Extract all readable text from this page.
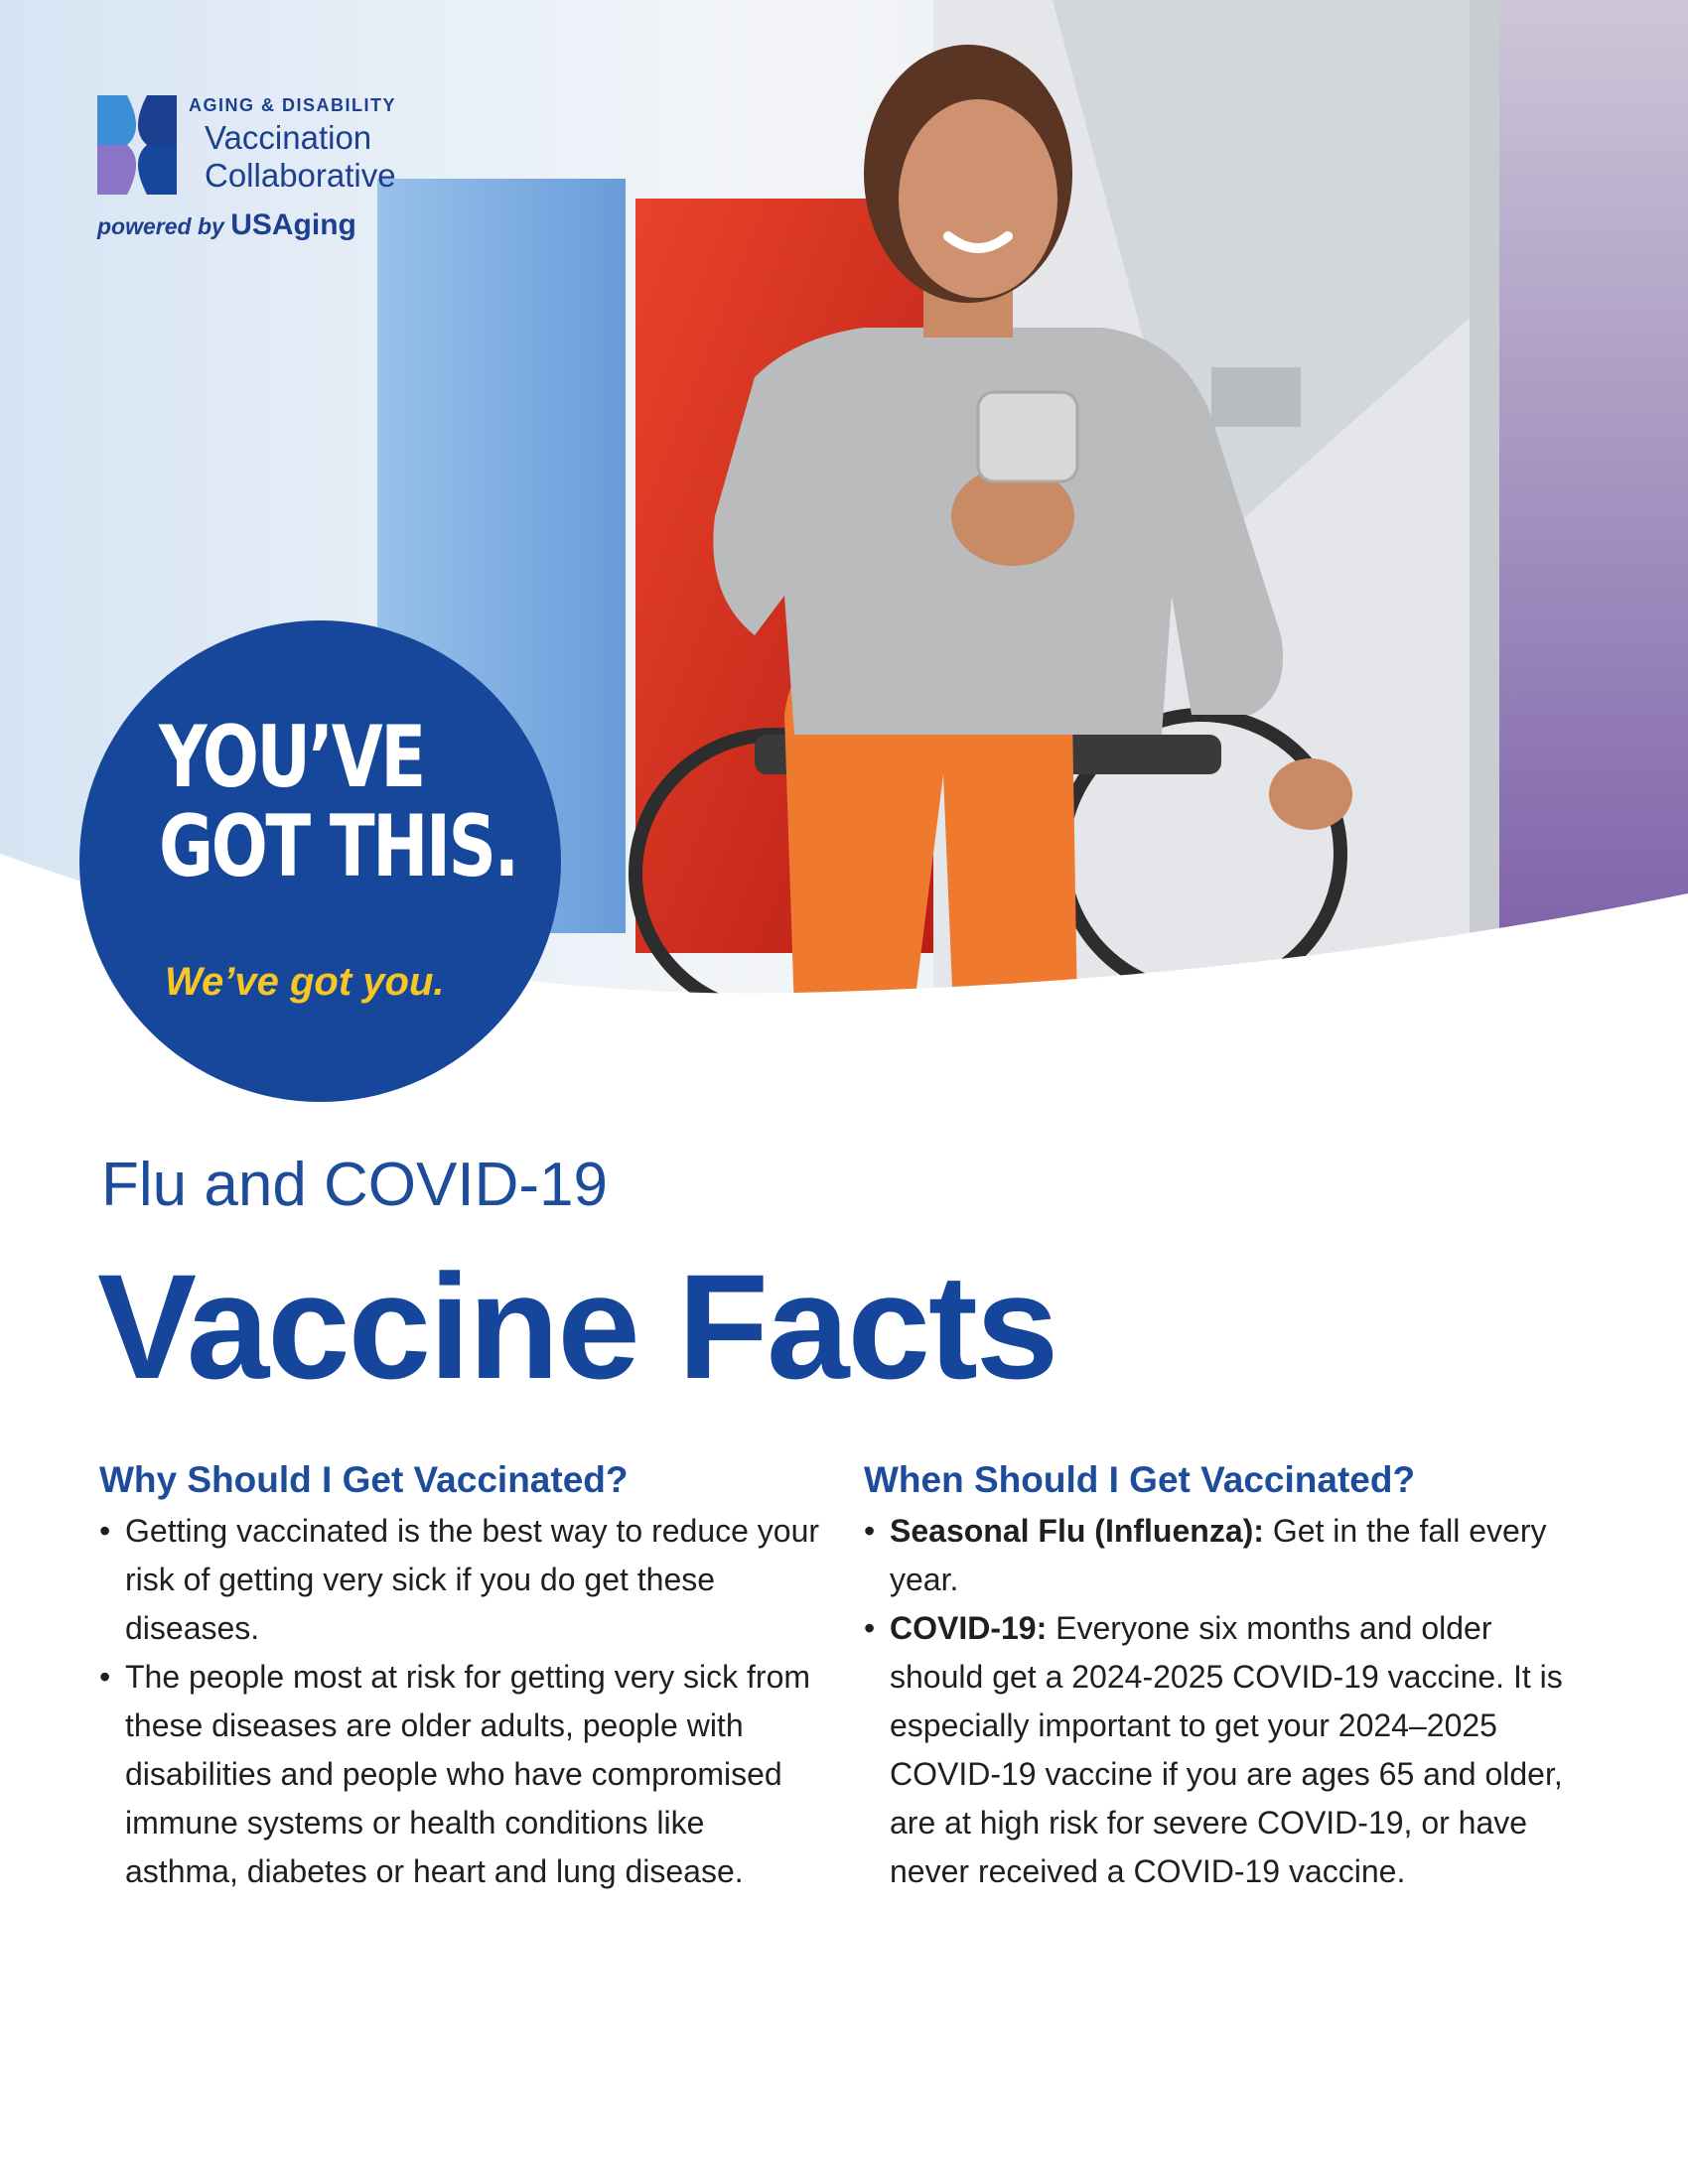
AGING & DISABILITY
Vaccination
Collaborative
powered by USAging
YOU’VE
GOT THIS.
We’ve got you.
Flu and COVID-19
Vaccine Facts
Why Should I Get Vaccinated?
• Getting vaccinated is the best way to reduce your risk of getting very sick if you do get these diseases.
• The people most at risk for getting very sick from these diseases are older adults, people with disabilities and people who have compromised immune systems or health conditions like asthma, diabetes or heart and lung disease.
When Should I Get Vaccinated?
• Seasonal Flu (Influenza): Get in the fall every year.
• COVID-19: Everyone six months and older should get a 2024-2025 COVID-19 vaccine. It is especially important to get your 2024–2025 COVID-19 vaccine if you are ages 65 and older, are at high risk for severe COVID-19, or have never received a COVID-19 vaccine.
